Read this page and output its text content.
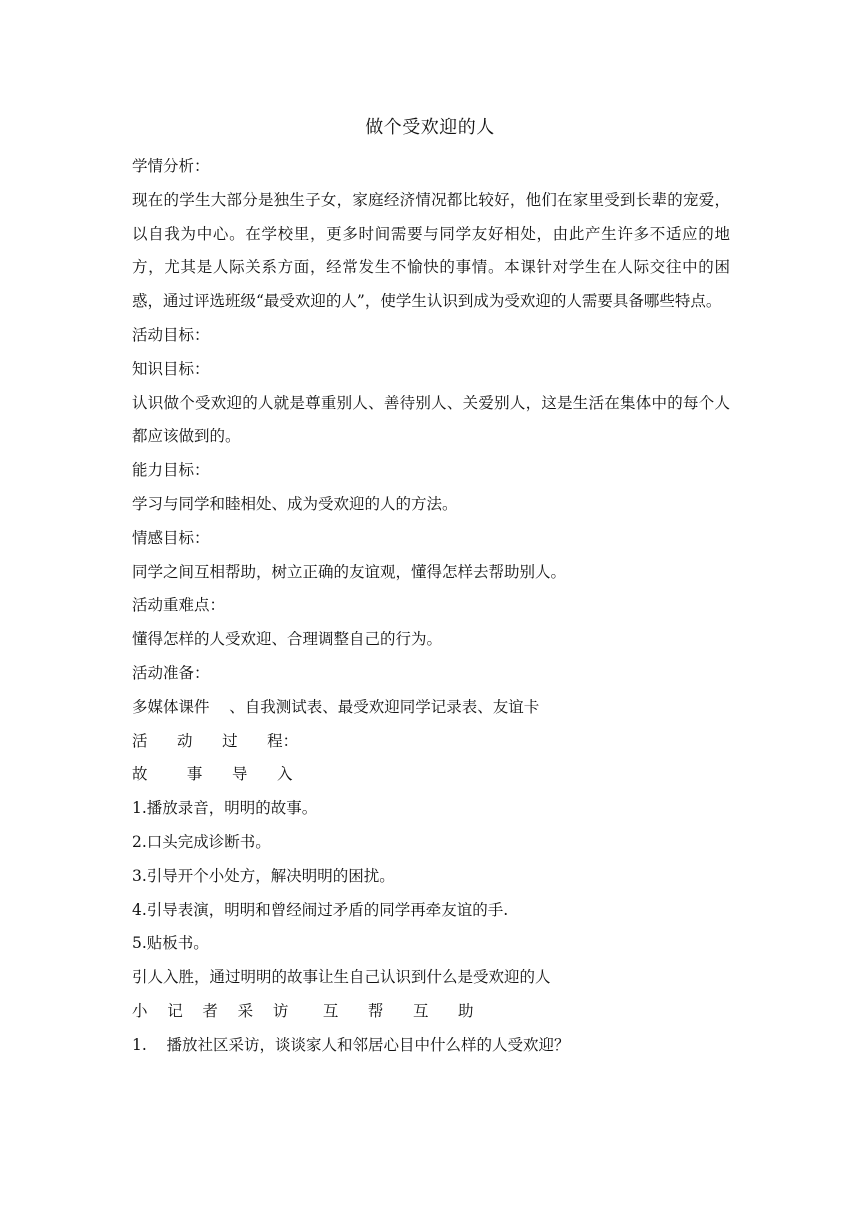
做个受欢迎的人
学情分析：
现在的学生大部分是独生子女，家庭经济情况都比较好，他们在家里受到长辈的宠爱，以自我为中心。在学校里，更多时间需要与同学友好相处，由此产生许多不适应的地方，尤其是人际关系方面，经常发生不愉快的事情。本课针对学生在人际交往中的困惑，通过评选班级“最受欢迎的人”，使学生认识到成为受欢迎的人需要具备哪些特点。
活动目标：
知识目标：
认识做个受欢迎的人就是尊重别人、善待别人、关爱别人，这是生活在集体中的每个人都应该做到的。
能力目标：
学习与同学和睦相处、成为受欢迎的人的方法。
情感目标：
同学之间互相帮助，树立正确的友谊观，懂得怎样去帮助别人。
活动重难点：
懂得怎样的人受欢迎、合理调整自己的行为。
活动准备：
多媒体课件    、自我测试表、最受欢迎同学记录表、友谊卡
活      动      过      程：
故        事      导      入
1.播放录音，明明的故事。
2.口头完成诊断书。
3.引导开个小处方，解决明明的困扰。
4.引导表演，明明和曾经闹过矛盾的同学再牵友谊的手.
5.贴板书。
引人入胜，通过明明的故事让生自己认识到什么是受欢迎的人
小    记    者    采    访       互      帮      互      助
1.    播放社区采访，谈谈家人和邻居心目中什么样的人受欢迎？
